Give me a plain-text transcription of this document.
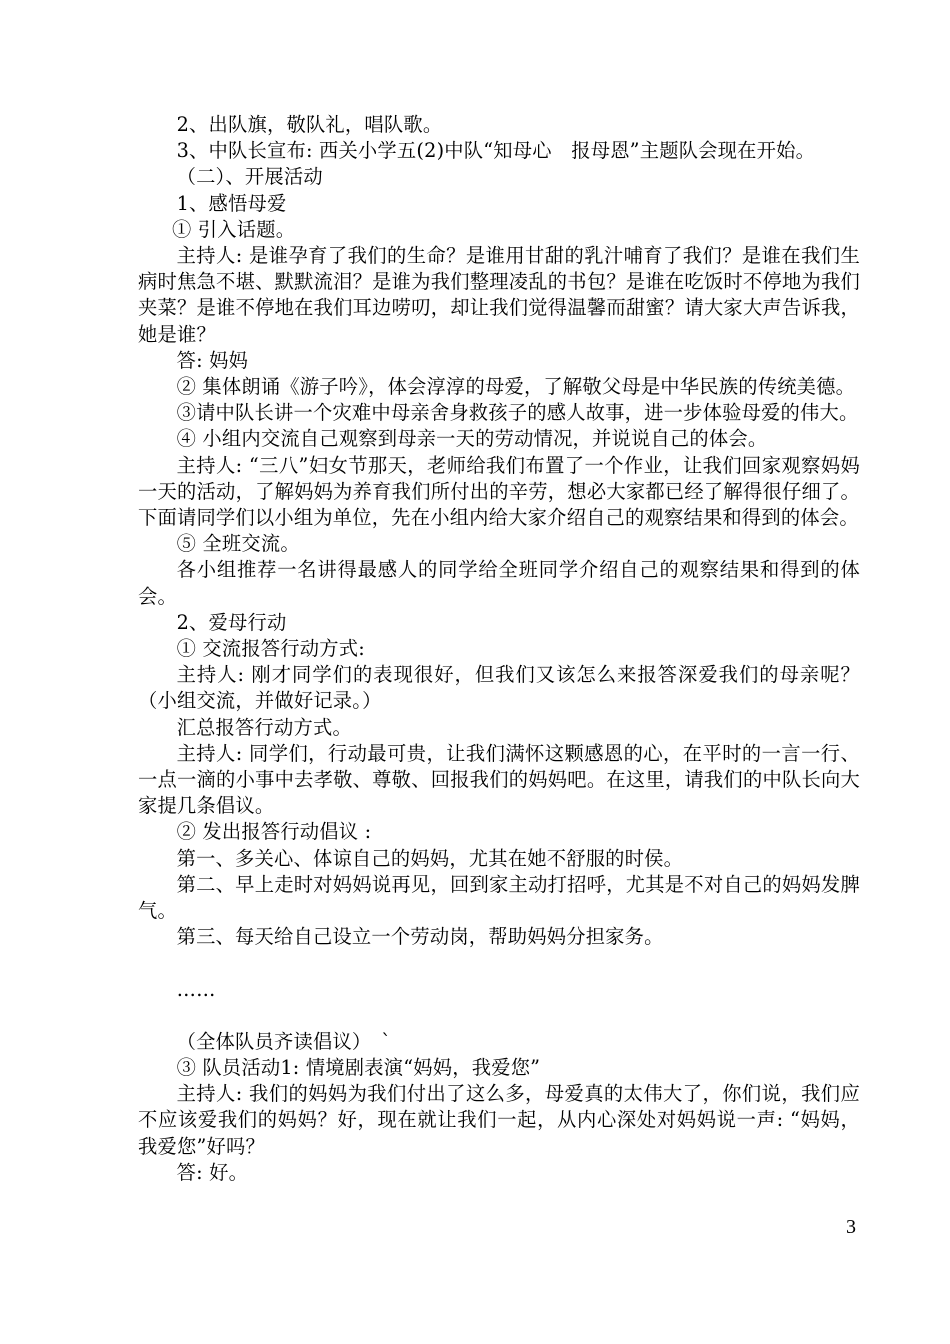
2、出队旗，敬队礼，唱队歌。

3、中队长宣布: 西关小学五(2)中队“知母心　报母恩”主题队会现在开始。

（二）、开展活动

1、感悟母爱

① 引入话题。

主持人: 是谁孕育了我们的生命？是谁用甘甜的乳汁哺育了我们？是谁在我们生病时焦急不堪、默默流泪？是谁为我们整理凌乱的书包？是谁在吃饭时不停地为我们夹菜？是谁不停地在我们耳边唠叨，却让我们觉得温馨而甜蜜？请大家大声告诉我，她是谁？

答: 妈妈

② 集体朗诵《游子吟》，体会淳淳的母爱，了解敬父母是中华民族的传统美德。

③请中队长讲一个灾难中母亲舍身救孩子的感人故事，进一步体验母爱的伟大。

④ 小组内交流自己观察到母亲一天的劳动情况，并说说自己的体会。

主持人: “三八”妇女节那天，老师给我们布置了一个作业，让我们回家观察妈妈一天的活动，了解妈妈为养育我们所付出的辛劳，想必大家都已经了解得很仔细了。下面请同学们以小组为单位，先在小组内给大家介绍自己的观察结果和得到的体会。

⑤ 全班交流。

各小组推荐一名讲得最感人的同学给全班同学介绍自己的观察结果和得到的体会。

2、爱母行动

① 交流报答行动方式:

主持人: 刚才同学们的表现很好，但我们又该怎么来报答深爱我们的母亲呢？（小组交流，并做好记录。）

汇总报答行动方式。

主持人: 同学们，行动最可贵，让我们满怀这颗感恩的心，在平时的一言一行、一点一滴的小事中去孝敬、尊敬、回报我们的妈妈吧。在这里，请我们的中队长向大家提几条倡议。

② 发出报答行动倡议 :

第一、多关心、体谅自己的妈妈，尤其在她不舒服的时侯。

第二、早上走时对妈妈说再见，回到家主动打招呼，尤其是不对自己的妈妈发脾气。

第三、每天给自己设立一个劳动岗，帮助妈妈分担家务。

……

（全体队员齐读倡议）　`

③ 队员活动1: 情境剧表演“妈妈，我爱您”

主持人: 我们的妈妈为我们付出了这么多，母爱真的太伟大了，你们说，我们应不应该爱我们的妈妈？好，现在就让我们一起，从内心深处对妈妈说一声: “妈妈，我爱您”好吗？

答: 好。

3
